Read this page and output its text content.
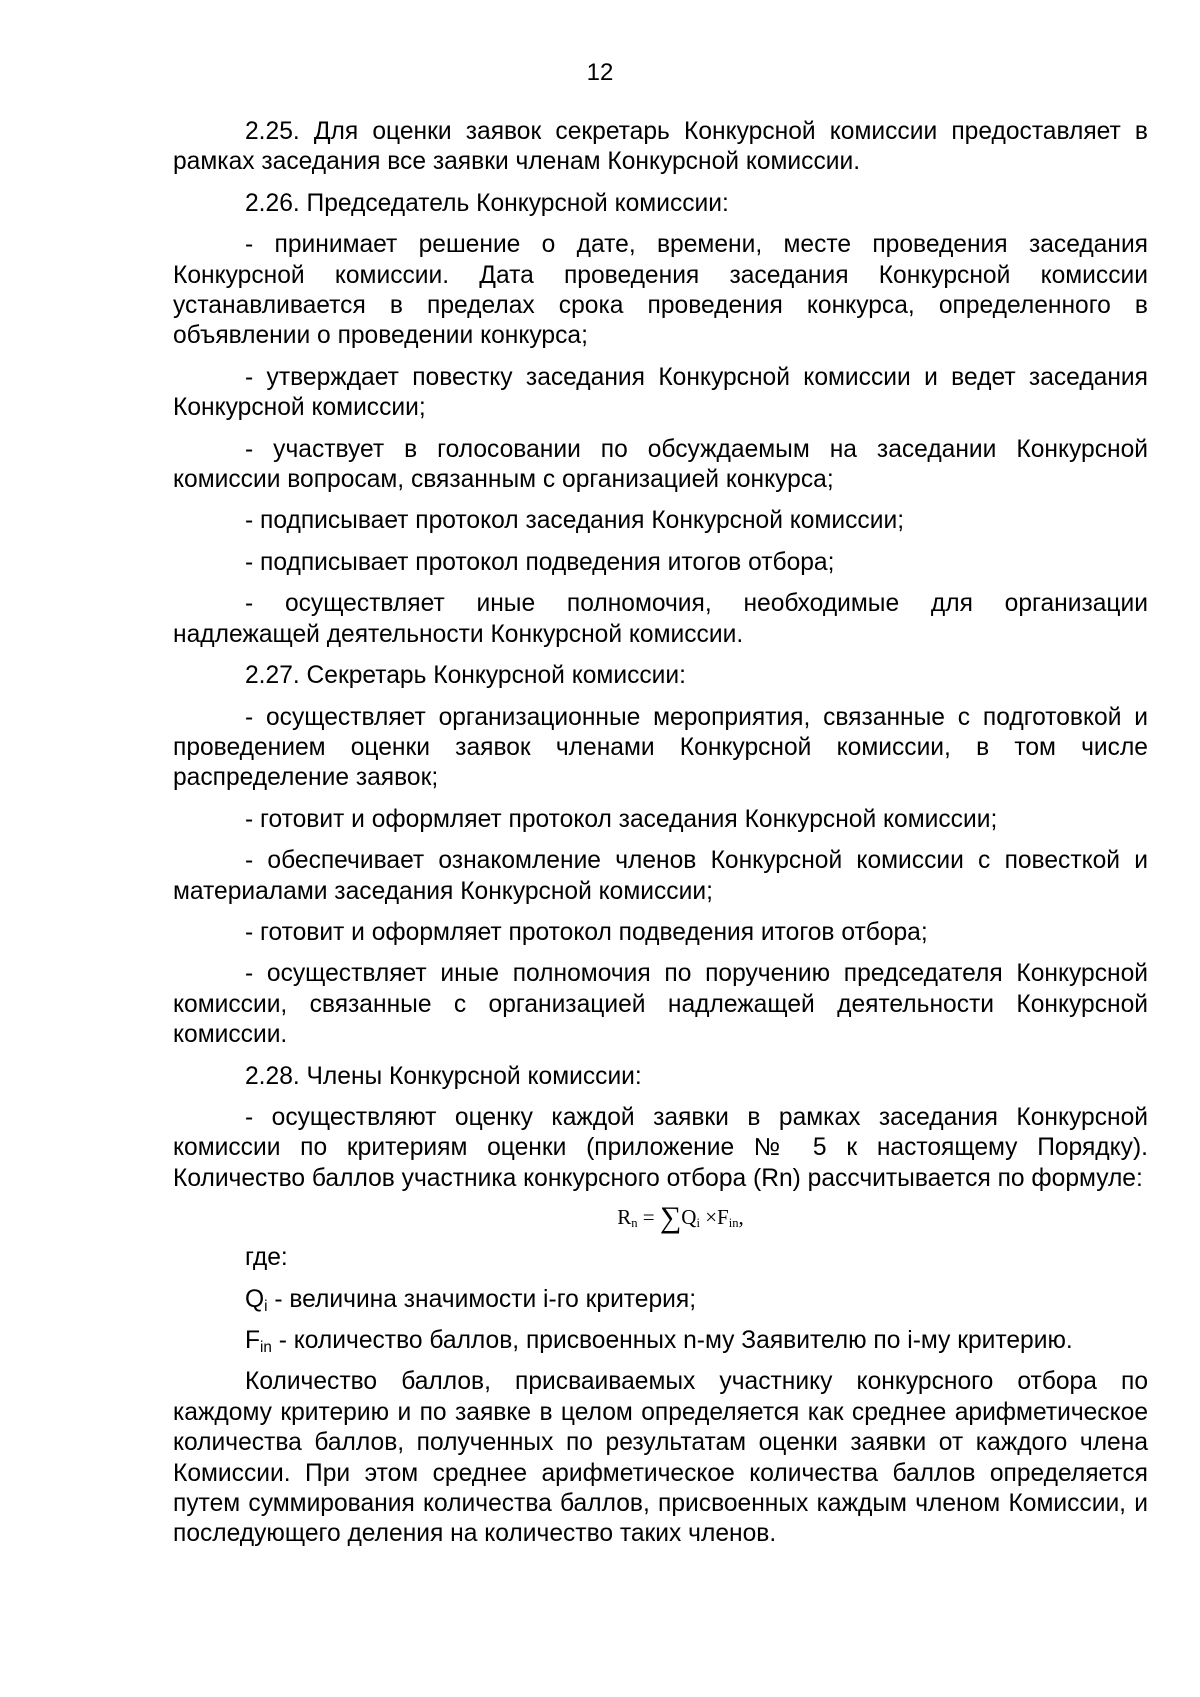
12

2.25. Для оценки заявок секретарь Конкурсной комиссии предоставляет в рамках заседания все заявки членам Конкурсной комиссии.

2.26. Председатель Конкурсной комиссии:

- принимает решение о дате, времени, месте проведения заседания Конкурсной комиссии. Дата проведения заседания Конкурсной комиссии устанавливается в пределах срока проведения конкурса, определенного в объявлении о проведении конкурса;

- утверждает повестку заседания Конкурсной комиссии и ведет заседания Конкурсной комиссии;

- участвует в голосовании по обсуждаемым на заседании Конкурсной комиссии вопросам, связанным с организацией конкурса;

- подписывает протокол заседания Конкурсной комиссии;

- подписывает протокол подведения итогов отбора;

- осуществляет иные полномочия, необходимые для организации надлежащей деятельности Конкурсной комиссии.

2.27. Секретарь Конкурсной комиссии:

- осуществляет организационные мероприятия, связанные с подготовкой и проведением оценки заявок членами Конкурсной комиссии, в том числе распределение заявок;

- готовит и оформляет протокол заседания Конкурсной комиссии;

- обеспечивает ознакомление членов Конкурсной комиссии с повесткой и материалами заседания Конкурсной комиссии;

- готовит и оформляет протокол подведения итогов отбора;

- осуществляет иные полномочия по поручению председателя Конкурсной комиссии, связанные с организацией надлежащей деятельности Конкурсной комиссии.

2.28. Члены Конкурсной комиссии:

- осуществляют оценку каждой заявки в рамках заседания Конкурсной комиссии по критериям оценки (приложение № 5 к настоящему Порядку). Количество баллов участника конкурсного отбора (Rn) рассчитывается по формуле:

$R_n = \sum Q_i \times F_{in}$,

где:

$Q_i$ - величина значимости i-го критерия;

$F_{in}$ - количество баллов, присвоенных n-му Заявителю по i-му критерию.

Количество баллов, присваиваемых участнику конкурсного отбора по каждому критерию и по заявке в целом определяется как среднее арифметическое количества баллов, полученных по результатам оценки заявки от каждого члена Комиссии. При этом среднее арифметическое количества баллов определяется путем суммирования количества баллов, присвоенных каждым членом Комиссии, и последующего деления на количество таких членов.
